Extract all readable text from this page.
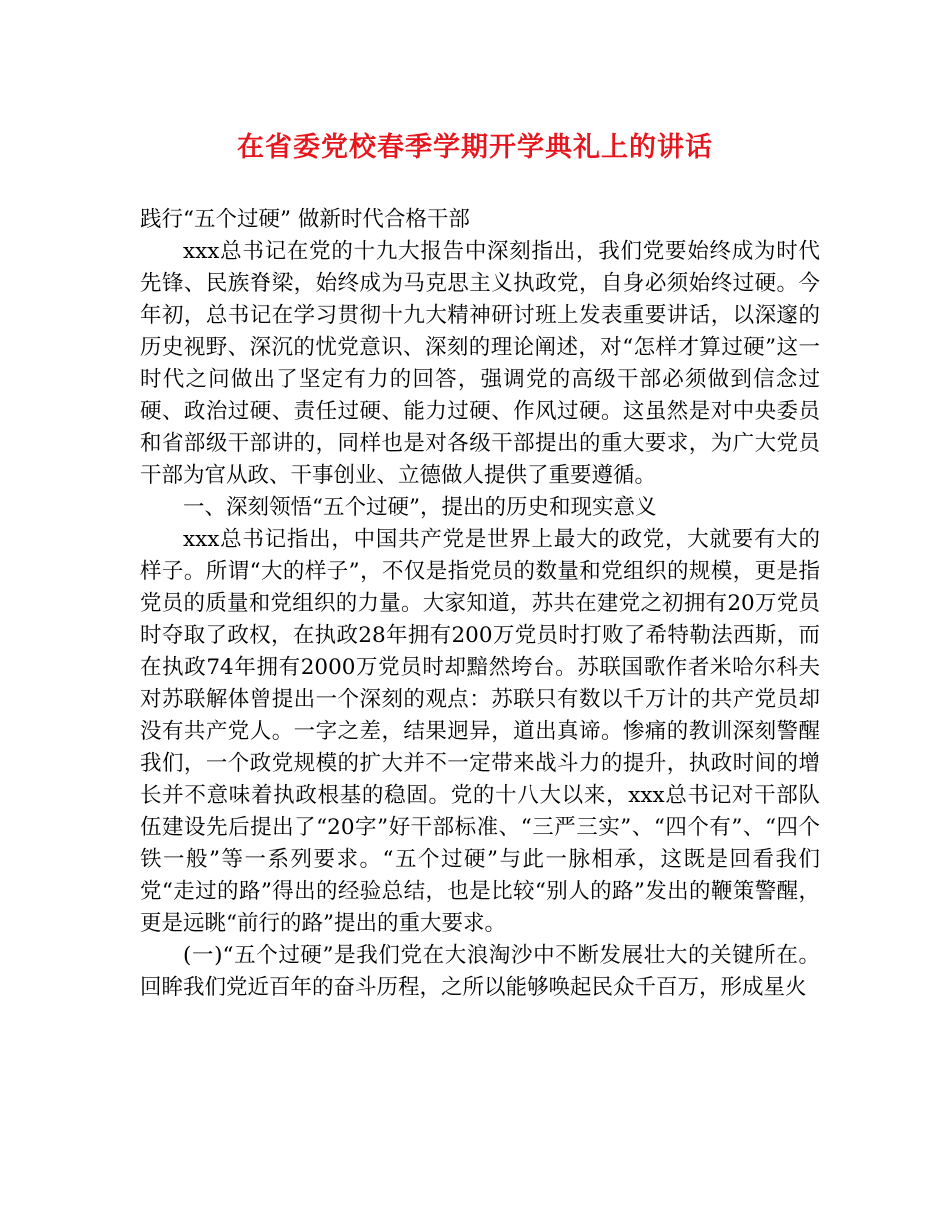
在省委党校春季学期开学典礼上的讲话

践行“五个过硬” 做新时代合格干部

xxx总书记在党的十九大报告中深刻指出，我们党要始终成为时代先锋、民族脊梁，始终成为马克思主义执政党，自身必须始终过硬。今年初，总书记在学习贯彻十九大精神研讨班上发表重要讲话，以深邃的历史视野、深沉的忧党意识、深刻的理论阐述，对“怎样才算过硬”这一时代之问做出了坚定有力的回答，强调党的高级干部必须做到信念过硬、政治过硬、责任过硬、能力过硬、作风过硬。这虽然是对中央委员和省部级干部讲的，同样也是对各级干部提出的重大要求，为广大党员干部为官从政、干事创业、立德做人提供了重要遵循。

一、深刻领悟“五个过硬”，提出的历史和现实意义

xxx总书记指出，中国共产党是世界上最大的政党，大就要有大的样子。所谓“大的样子”，不仅是指党员的数量和党组织的规模，更是指党员的质量和党组织的力量。大家知道，苏共在建党之初拥有20万党员时夺取了政权，在执政28年拥有200万党员时打败了希特勒法西斯，而在执政74年拥有2000万党员时却黯然垮台。苏联国歌作者米哈尔科夫对苏联解体曾提出一个深刻的观点：苏联只有数以千万计的共产党员却没有共产党人。一字之差，结果迥异，道出真谛。惨痛的教训深刻警醒我们，一个政党规模的扩大并不一定带来战斗力的提升，执政时间的增长并不意味着执政根基的稳固。党的十八大以来，xxx总书记对干部队伍建设先后提出了“20字”好干部标准、“三严三实”、“四个有”、“四个铁一般”等一系列要求。“五个过硬”与此一脉相承，这既是回看我们党“走过的路”得出的经验总结，也是比较“别人的路”发出的鞭策警醒，更是远眺“前行的路”提出的重大要求。

(一)“五个过硬”是我们党在大浪淘沙中不断发展壮大的关键所在。回眸我们党近百年的奋斗历程，之所以能够唤起民众千百万，形成星火
